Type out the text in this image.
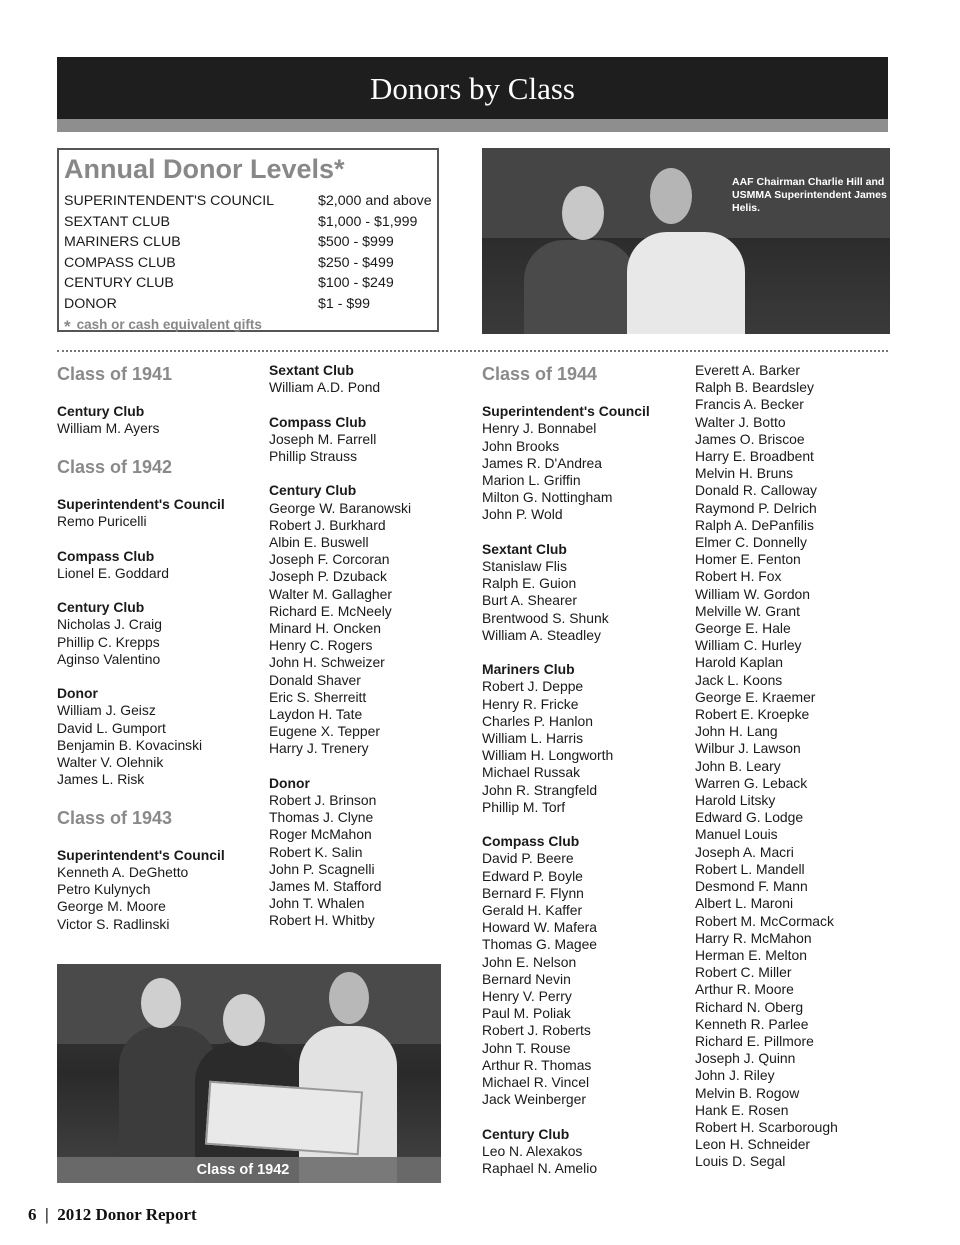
Donors by Class
Annual Donor Levels*
SUPERINTENDENT'S COUNCIL	$2,000 and above
SEXTANT CLUB	$1,000 - $1,999
MARINERS CLUB	$500 - $999
COMPASS CLUB	$250 - $499
CENTURY CLUB	$100 - $249
DONOR	$1 - $99
* cash or cash equivalent gifts
AAF Chairman Charlie Hill and USMMA Superintendent James Helis.
Class of 1942
Class of 1941
Century Club
William M. Ayers
Class of 1942
Superintendent's Council
Remo Puricelli
Compass Club
Lionel E. Goddard
Century Club
Nicholas J. Craig
Phillip C. Krepps
Aginso Valentino
Donor
William J. Geisz
David L. Gumport
Benjamin B. Kovacinski
Walter V. Olehnik
James L. Risk
Class of 1943
Superintendent's Council
Kenneth A. DeGhetto
Petro Kulynych
George M. Moore
Victor S. Radlinski
Sextant Club
William A.D. Pond
Compass Club
Joseph M. Farrell
Phillip Strauss
Century Club
George W. Baranowski
Robert J. Burkhard
Albin E. Buswell
Joseph F. Corcoran
Joseph P. Dzuback
Walter M. Gallagher
Richard E. McNeely
Minard H. Oncken
Henry C. Rogers
John H. Schweizer
Donald Shaver
Eric S. Sherreitt
Laydon H. Tate
Eugene X. Tepper
Harry J. Trenery
Donor
Robert J. Brinson
Thomas J. Clyne
Roger McMahon
Robert K. Salin
John P. Scagnelli
James M. Stafford
John T. Whalen
Robert H. Whitby
Class of 1944
Superintendent's Council
Henry J. Bonnabel
John Brooks
James R. D'Andrea
Marion L. Griffin
Milton G. Nottingham
John P. Wold
Sextant Club
Stanislaw Flis
Ralph E. Guion
Burt A. Shearer
Brentwood S. Shunk
William A. Steadley
Mariners Club
Robert J. Deppe
Henry R. Fricke
Charles P. Hanlon
William L. Harris
William H. Longworth
Michael Russak
John R. Strangfeld
Phillip M. Torf
Compass Club
David P. Beere
Edward P. Boyle
Bernard F. Flynn
Gerald H. Kaffer
Howard W. Mafera
Thomas G. Magee
John E. Nelson
Bernard Nevin
Henry V. Perry
Paul M. Poliak
Robert J. Roberts
John T. Rouse
Arthur R. Thomas
Michael R. Vincel
Jack Weinberger
Century Club
Leo N. Alexakos
Raphael N. Amelio
Everett A. Barker
Ralph B. Beardsley
Francis A. Becker
Walter J. Botto
James O. Briscoe
Harry E. Broadbent
Melvin H. Bruns
Donald R. Calloway
Raymond P. Delrich
Ralph A. DePanfilis
Elmer C. Donnelly
Homer E. Fenton
Robert H. Fox
William W. Gordon
Melville W. Grant
George E. Hale
William C. Hurley
Harold Kaplan
Jack L. Koons
George E. Kraemer
Robert E. Kroepke
John H. Lang
Wilbur J. Lawson
John B. Leary
Warren G. Leback
Harold Litsky
Edward G. Lodge
Manuel Louis
Joseph A. Macri
Robert L. Mandell
Desmond F. Mann
Albert L. Maroni
Robert M. McCormack
Harry R. McMahon
Herman E. Melton
Robert C. Miller
Arthur R. Moore
Richard N. Oberg
Kenneth R. Parlee
Richard E. Pillmore
Joseph J. Quinn
John J. Riley
Melvin B. Rogow
Hank E. Rosen
Robert H. Scarborough
Leon H. Schneider
Louis D. Segal
6 | 2012 Donor Report
